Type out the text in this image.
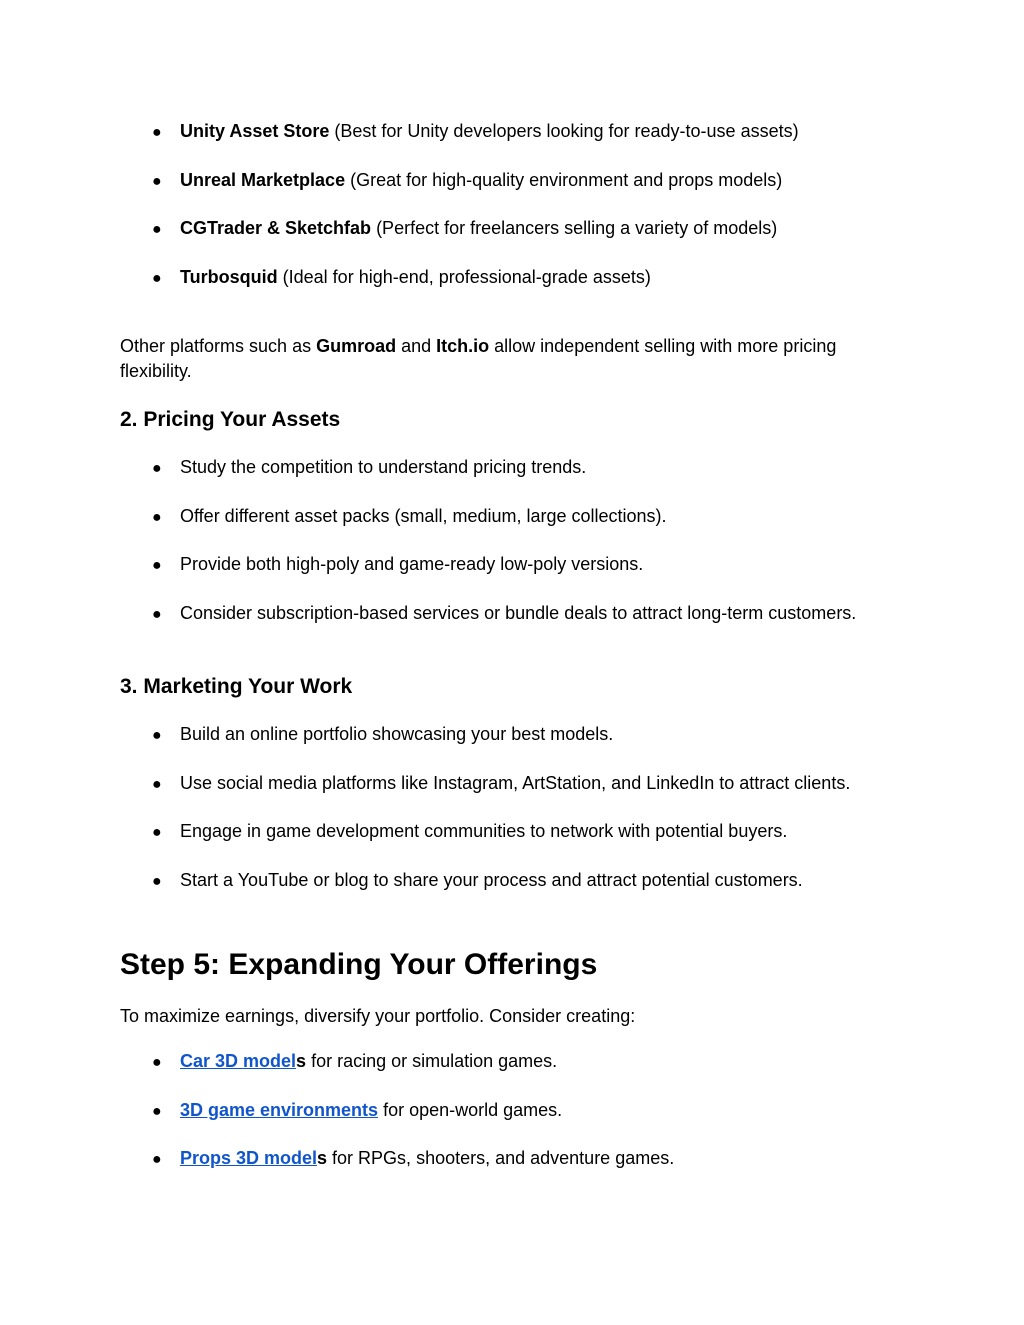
● Unity Asset Store (Best for Unity developers looking for ready-to-use assets)
● Unreal Marketplace (Great for high-quality environment and props models)
● CGTrader & Sketchfab (Perfect for freelancers selling a variety of models)
● Turbosquid (Ideal for high-end, professional-grade assets)

Other platforms such as Gumroad and Itch.io allow independent selling with more pricing
flexibility.

2. Pricing Your Assets
● Study the competition to understand pricing trends.
● Offer different asset packs (small, medium, large collections).
● Provide both high-poly and game-ready low-poly versions.
● Consider subscription-based services or bundle deals to attract long-term customers.
3. Marketing Your Work
● Build an online portfolio showcasing your best models.
● Use social media platforms like Instagram, ArtStation, and LinkedIn to attract clients.
● Engage in game development communities to network with potential buyers.
● Start a YouTube or blog to share your process and attract potential customers.
Step 5: Expanding Your Offerings

To maximize earnings, diversify your portfolio. Consider creating:

● Car 3D models for racing or simulation games.
● 3D game environments for open-world games.
● Props 3D models for RPGs, shooters, and adventure games.
